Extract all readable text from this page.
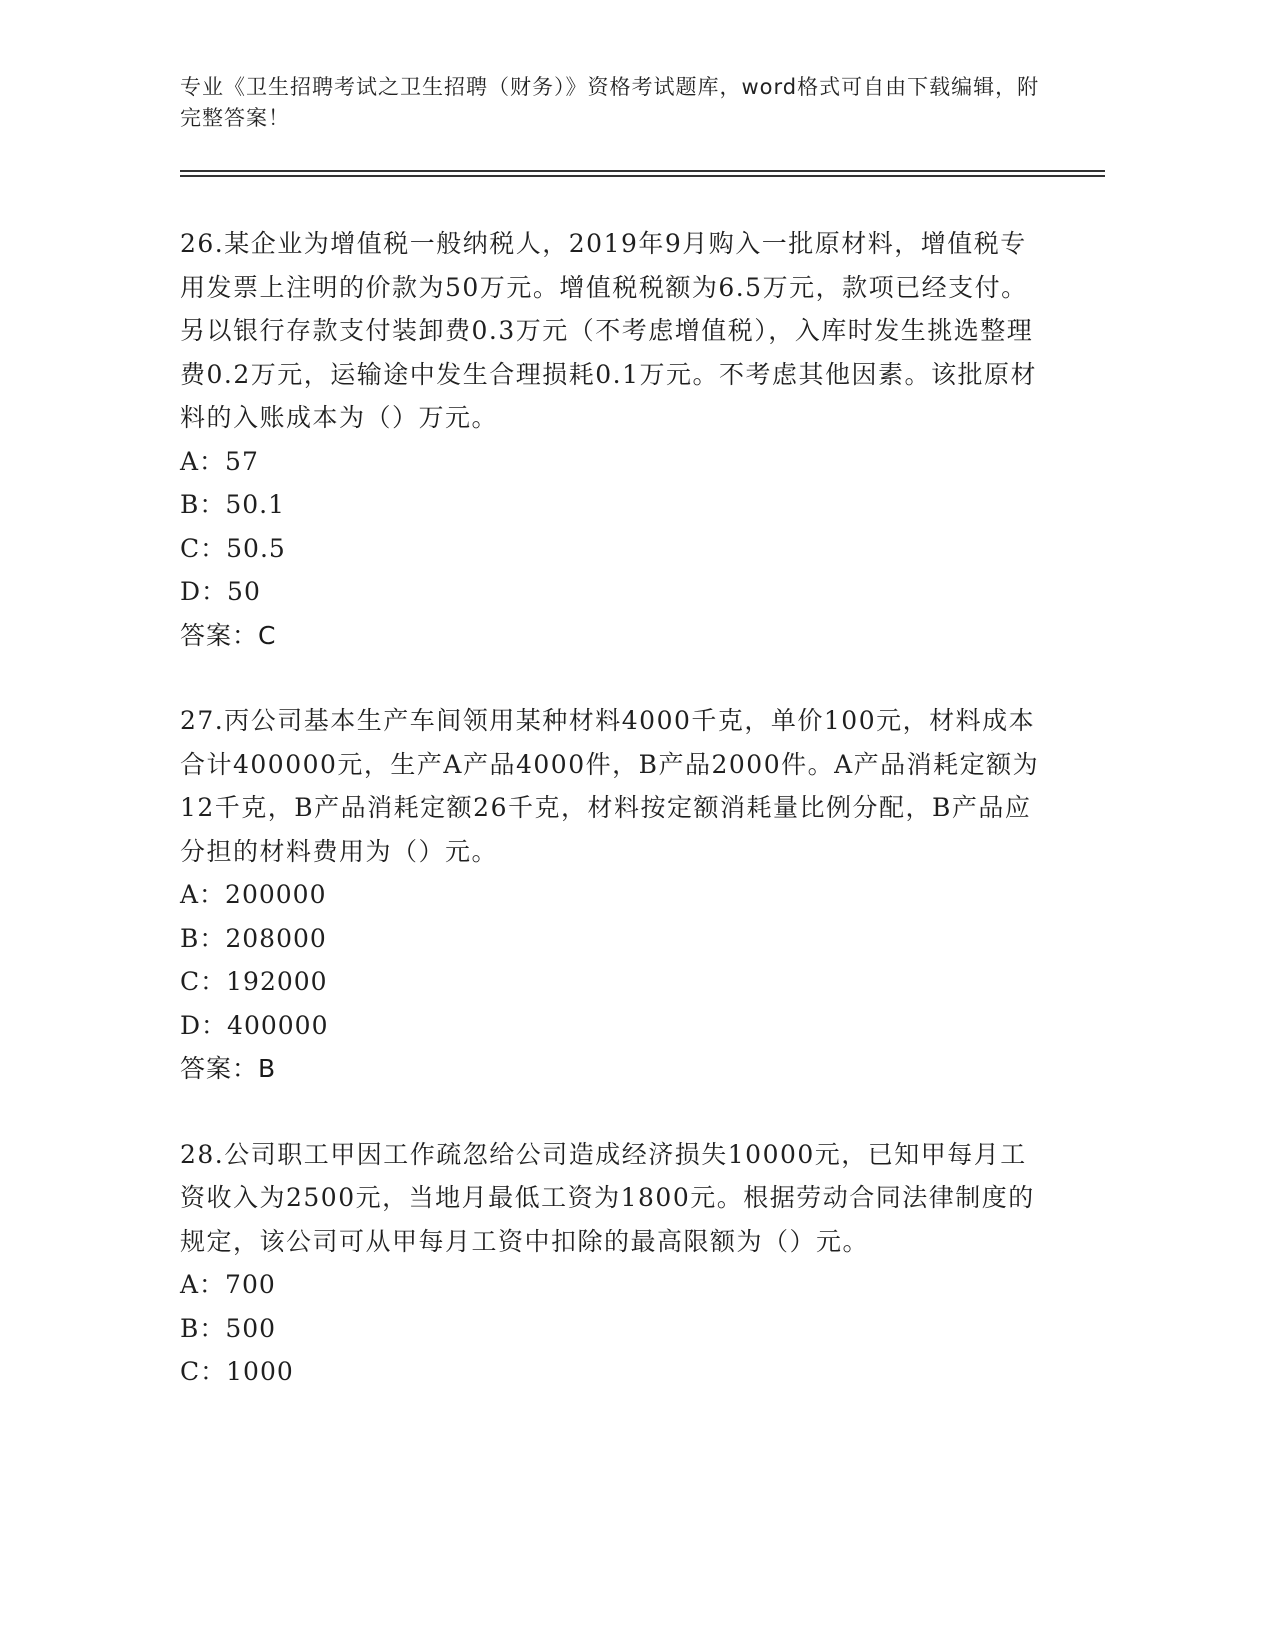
专业《卫生招聘考试之卫生招聘（财务）》资格考试题库，word格式可自由下载编辑，附完整答案！

26.某企业为增值税一般纳税人，2019年9月购入一批原材料，增值税专用发票上注明的价款为50万元。增值税税额为6.5万元，款项已经支付。另以银行存款支付装卸费0.3万元（不考虑增值税），入库时发生挑选整理费0.2万元，运输途中发生合理损耗0.1万元。不考虑其他因素。该批原材料的入账成本为（）万元。

A：57

B：50.1

C：50.5

D：50

答案：C

27.丙公司基本生产车间领用某种材料4000千克，单价100元，材料成本合计400000元，生产A产品4000件，B产品2000件。A产品消耗定额为12千克，B产品消耗定额26千克，材料按定额消耗量比例分配，B产品应分担的材料费用为（）元。

A：200000

B：208000

C：192000

D：400000

答案：B

28.公司职工甲因工作疏忽给公司造成经济损失10000元，已知甲每月工资收入为2500元，当地月最低工资为1800元。根据劳动合同法律制度的规定，该公司可从甲每月工资中扣除的最高限额为（）元。

A：700

B：500

C：1000
